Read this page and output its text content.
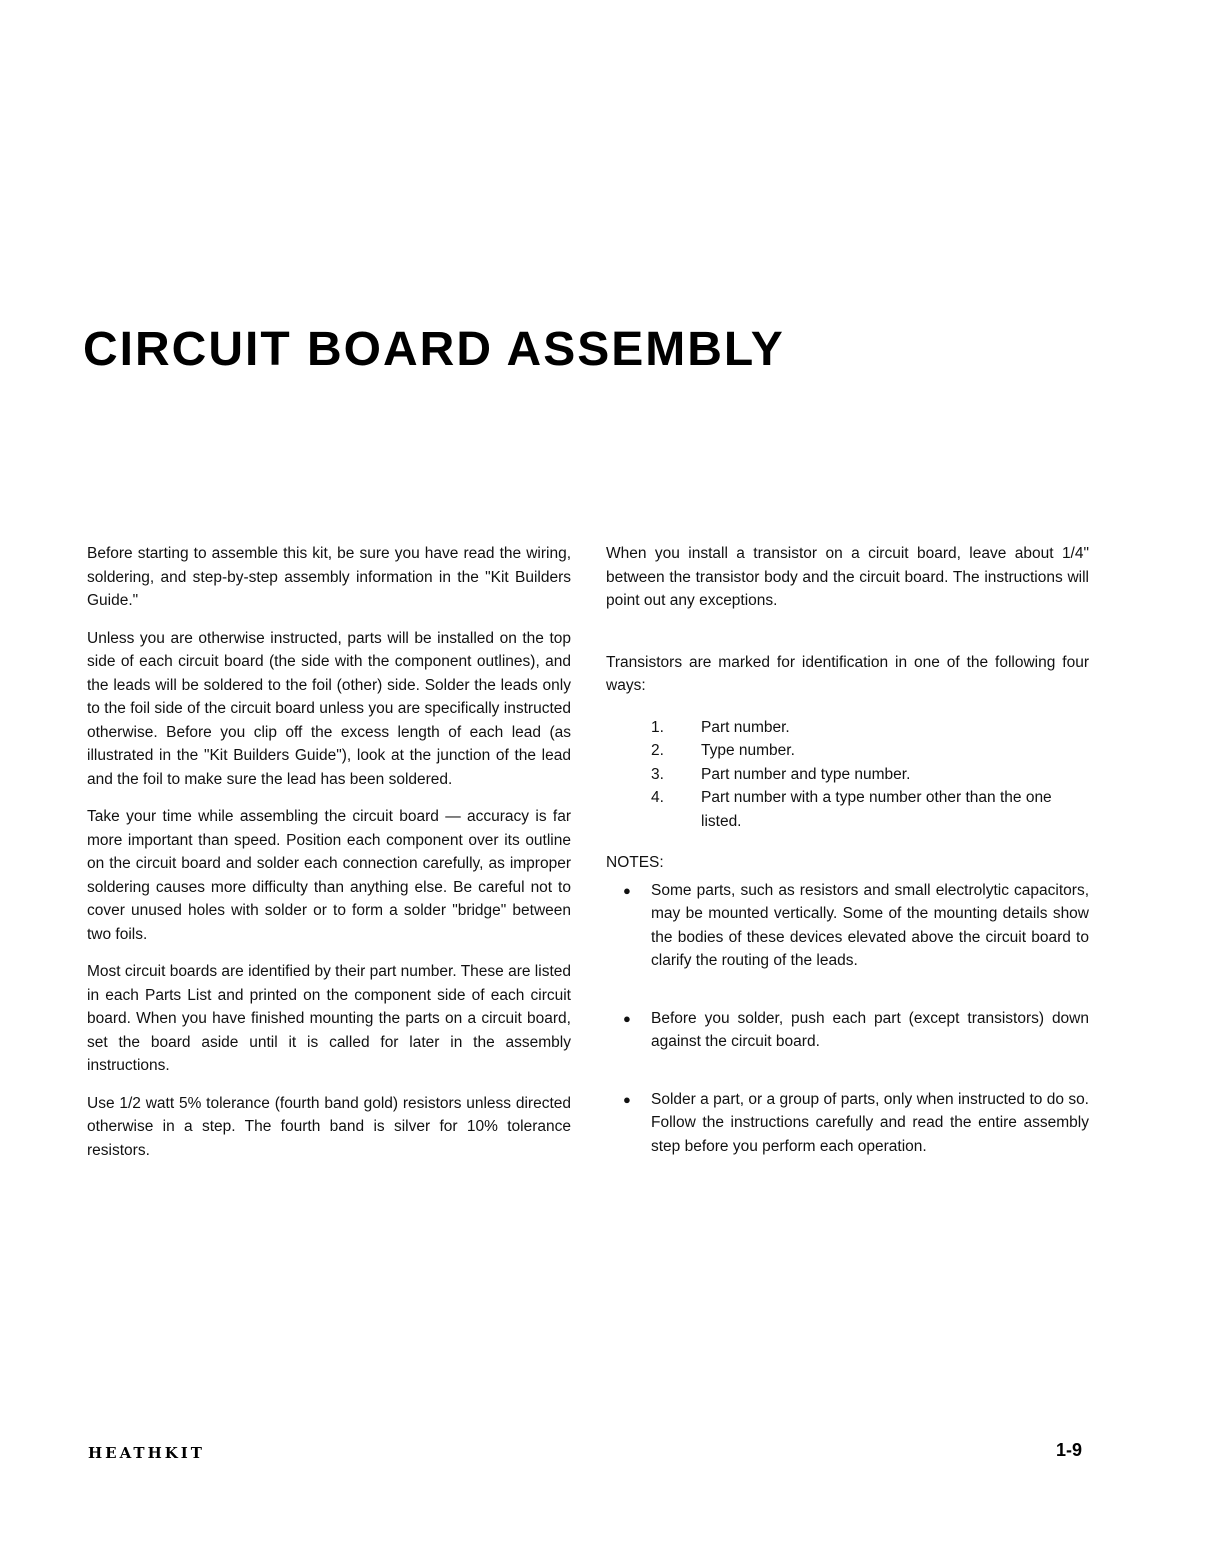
CIRCUIT BOARD ASSEMBLY

Before starting to assemble this kit, be sure you have read the wiring, soldering, and step-by-step assembly information in the "Kit Builders Guide."

Unless you are otherwise instructed, parts will be installed on the top side of each circuit board (the side with the component outlines), and the leads will be soldered to the foil (other) side. Solder the leads only to the foil side of the circuit board unless you are specifically instructed otherwise. Before you clip off the excess length of each lead (as illustrated in the "Kit Builders Guide"), look at the junction of the lead and the foil to make sure the lead has been soldered.

Take your time while assembling the circuit board — accuracy is far more important than speed. Position each component over its outline on the circuit board and solder each connection carefully, as improper soldering causes more difficulty than anything else. Be careful not to cover unused holes with solder or to form a solder "bridge" between two foils.

Most circuit boards are identified by their part number. These are listed in each Parts List and printed on the component side of each circuit board. When you have finished mounting the parts on a circuit board, set the board aside until it is called for later in the assembly instructions.

Use 1/2 watt 5% tolerance (fourth band gold) resistors unless directed otherwise in a step. The fourth band is silver for 10% tolerance resistors.

When you install a transistor on a circuit board, leave about 1/4" between the transistor body and the circuit board. The instructions will point out any exceptions.

Transistors are marked for identification in one of the following four ways:

1.	Part number.
2.	Type number.
3.	Part number and type number.
4.	Part number with a type number other than the one listed.
NOTES:
●	Some parts, such as resistors and small electrolytic capacitors, may be mounted vertically. Some of the mounting details show the bodies of these devices elevated above the circuit board to clarify the routing of the leads.
●	Before you solder, push each part (except transistors) down against the circuit board.
●	Solder a part, or a group of parts, only when instructed to do so. Follow the instructions carefully and read the entire assembly step before you perform each operation.
HEATHKIT	1-9
